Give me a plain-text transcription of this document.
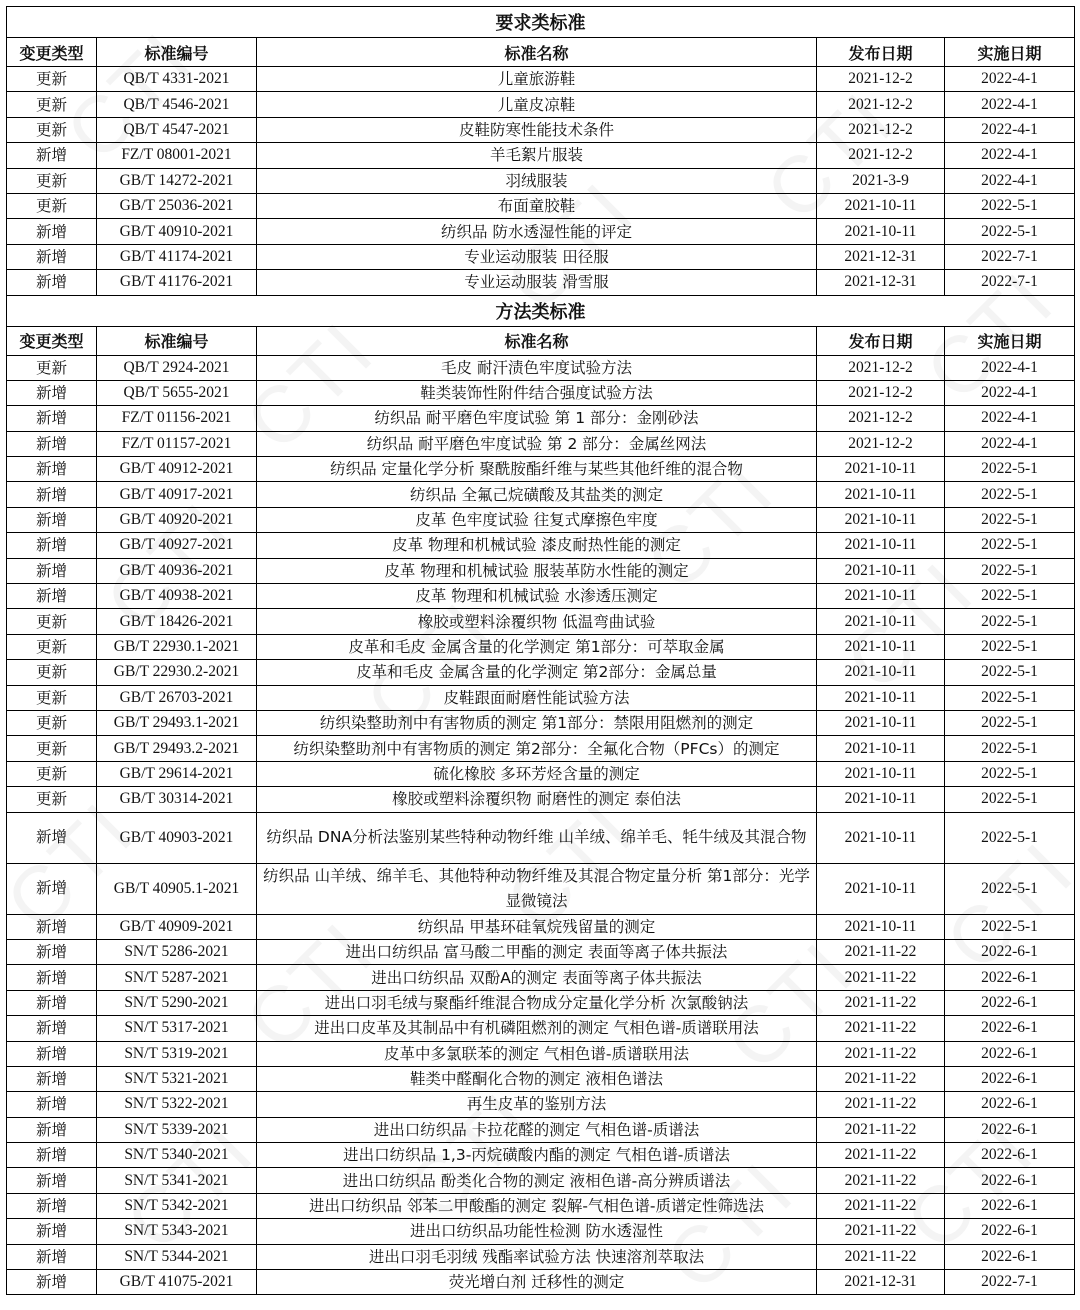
要求类标准				
变更类型	标准编号	标准名称	发布日期	实施日期
更新	QB/T 4331-2021	儿童旅游鞋	2021-12-2	2022-4-1
更新	QB/T 4546-2021	儿童皮凉鞋	2021-12-2	2022-4-1
更新	QB/T 4547-2021	皮鞋防寒性能技术条件	2021-12-2	2022-4-1
新增	FZ/T 08001-2021	羊毛絮片服装	2021-12-2	2022-4-1
更新	GB/T 14272-2021	羽绒服装	2021-3-9	2022-4-1
更新	GB/T 25036-2021	布面童胶鞋	2021-10-11	2022-5-1
新增	GB/T 40910-2021	纺织品 防水透湿性能的评定	2021-10-11	2022-5-1
新增	GB/T 41174-2021	专业运动服装 田径服	2021-12-31	2022-7-1
新增	GB/T 41176-2021	专业运动服装 滑雪服	2021-12-31	2022-7-1
方法类标准				
变更类型	标准编号	标准名称	发布日期	实施日期
更新	QB/T 2924-2021	毛皮 耐汗渍色牢度试验方法	2021-12-2	2022-4-1
新增	QB/T 5655-2021	鞋类装饰性附件结合强度试验方法	2021-12-2	2022-4-1
新增	FZ/T 01156-2021	纺织品 耐平磨色牢度试验 第 1 部分：金刚砂法	2021-12-2	2022-4-1
新增	FZ/T 01157-2021	纺织品 耐平磨色牢度试验 第 2 部分：金属丝网法	2021-12-2	2022-4-1
新增	GB/T 40912-2021	纺织品 定量化学分析 聚酰胺酯纤维与某些其他纤维的混合物	2021-10-11	2022-5-1
新增	GB/T 40917-2021	纺织品 全氟己烷磺酸及其盐类的测定	2021-10-11	2022-5-1
新增	GB/T 40920-2021	皮革 色牢度试验 往复式摩擦色牢度	2021-10-11	2022-5-1
新增	GB/T 40927-2021	皮革 物理和机械试验 漆皮耐热性能的测定	2021-10-11	2022-5-1
新增	GB/T 40936-2021	皮革 物理和机械试验 服装革防水性能的测定	2021-10-11	2022-5-1
新增	GB/T 40938-2021	皮革 物理和机械试验 水渗透压测定	2021-10-11	2022-5-1
更新	GB/T 18426-2021	橡胶或塑料涂覆织物 低温弯曲试验	2021-10-11	2022-5-1
更新	GB/T 22930.1-2021	皮革和毛皮 金属含量的化学测定 第1部分：可萃取金属	2021-10-11	2022-5-1
更新	GB/T 22930.2-2021	皮革和毛皮 金属含量的化学测定 第2部分：金属总量	2021-10-11	2022-5-1
更新	GB/T 26703-2021	皮鞋跟面耐磨性能试验方法	2021-10-11	2022-5-1
更新	GB/T 29493.1-2021	纺织染整助剂中有害物质的测定 第1部分：禁限用阻燃剂的测定	2021-10-11	2022-5-1
更新	GB/T 29493.2-2021	纺织染整助剂中有害物质的测定 第2部分：全氟化合物（PFCs）的测定	2021-10-11	2022-5-1
更新	GB/T 29614-2021	硫化橡胶 多环芳烃含量的测定	2021-10-11	2022-5-1
更新	GB/T 30314-2021	橡胶或塑料涂覆织物 耐磨性的测定 泰伯法	2021-10-11	2022-5-1
新增	GB/T 40903-2021	纺织品 DNA分析法鉴别某些特种动物纤维 山羊绒、绵羊毛、牦牛绒及其混合物	2021-10-11	2022-5-1
新增	GB/T 40905.1-2021	纺织品 山羊绒、绵羊毛、其他特种动物纤维及其混合物定量分析 第1部分：光学显微镜法	2021-10-11	2022-5-1
新增	GB/T 40909-2021	纺织品 甲基环硅氧烷残留量的测定	2021-10-11	2022-5-1
新增	SN/T 5286-2021	进出口纺织品 富马酸二甲酯的测定 表面等离子体共振法	2021-11-22	2022-6-1
新增	SN/T 5287-2021	进出口纺织品 双酚A的测定 表面等离子体共振法	2021-11-22	2022-6-1
新增	SN/T 5290-2021	进出口羽毛绒与聚酯纤维混合物成分定量化学分析 次氯酸钠法	2021-11-22	2022-6-1
新增	SN/T 5317-2021	进出口皮革及其制品中有机磷阻燃剂的测定 气相色谱-质谱联用法	2021-11-22	2022-6-1
新增	SN/T 5319-2021	皮革中多氯联苯的测定 气相色谱-质谱联用法	2021-11-22	2022-6-1
新增	SN/T 5321-2021	鞋类中醛酮化合物的测定 液相色谱法	2021-11-22	2022-6-1
新增	SN/T 5322-2021	再生皮革的鉴别方法	2021-11-22	2022-6-1
新增	SN/T 5339-2021	进出口纺织品 卡拉花醛的测定 气相色谱-质谱法	2021-11-22	2022-6-1
新增	SN/T 5340-2021	进出口纺织品 1,3-丙烷磺酸内酯的测定 气相色谱-质谱法	2021-11-22	2022-6-1
新增	SN/T 5341-2021	进出口纺织品 酚类化合物的测定 液相色谱-高分辨质谱法	2021-11-22	2022-6-1
新增	SN/T 5342-2021	进出口纺织品 邻苯二甲酸酯的测定 裂解-气相色谱-质谱定性筛选法	2021-11-22	2022-6-1
新增	SN/T 5343-2021	进出口纺织品功能性检测 防水透湿性	2021-11-22	2022-6-1
新增	SN/T 5344-2021	进出口羽毛羽绒 残酯率试验方法 快速溶剂萃取法	2021-11-22	2022-6-1
新增	GB/T 41075-2021	荧光增白剂 迁移性的测定	2021-12-31	2022-7-1
